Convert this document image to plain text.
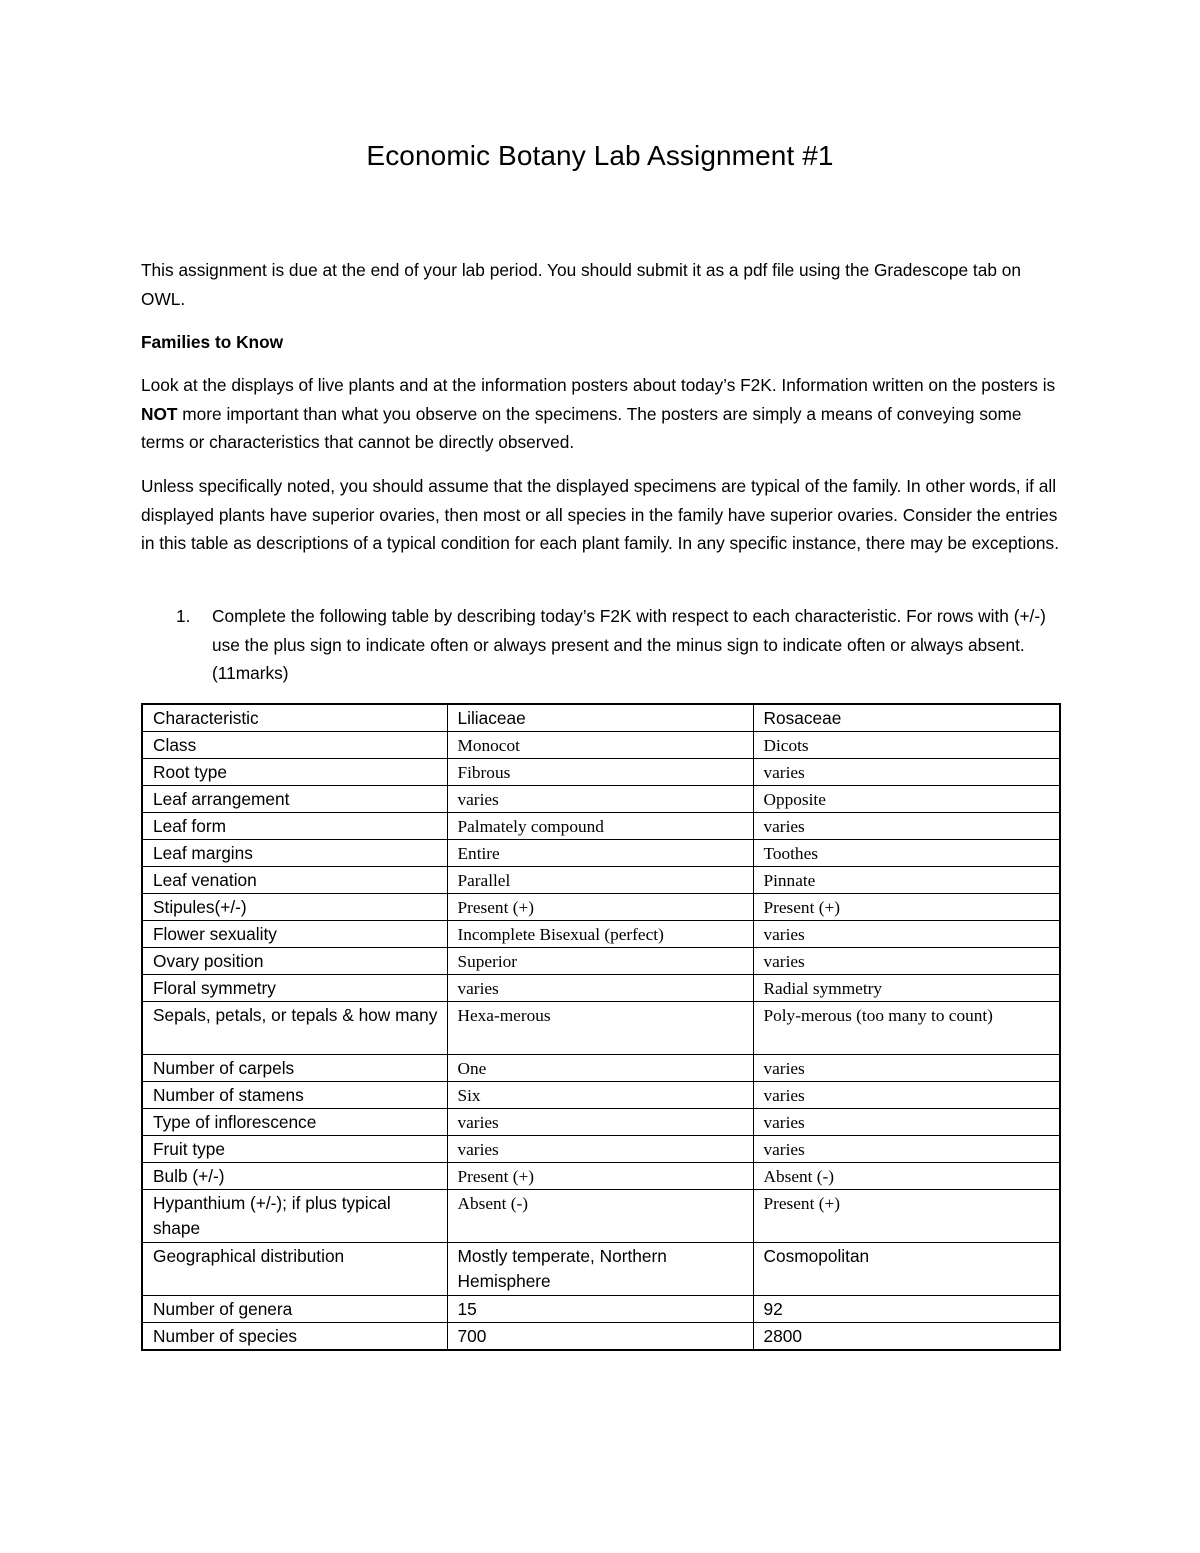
Economic Botany Lab Assignment #1
This assignment is due at the end of your lab period. You should submit it as a pdf file using the Gradescope tab on OWL.
Families to Know
Look at the displays of live plants and at the information posters about today’s F2K. Information written on the posters is NOT more important than what you observe on the specimens. The posters are simply a means of conveying some terms or characteristics that cannot be directly observed.
Unless specifically noted, you should assume that the displayed specimens are typical of the family. In other words, if all displayed plants have superior ovaries, then most or all species in the family have superior ovaries. Consider the entries in this table as descriptions of a typical condition for each plant family. In any specific instance, there may be exceptions.
1. Complete the following table by describing today’s F2K with respect to each characteristic. For rows with (+/-) use the plus sign to indicate often or always present and the minus sign to indicate often or always absent. (11marks)
Characteristic	Liliaceae	Rosaceae
Class	Monocot	Dicots
Root type	Fibrous	varies
Leaf arrangement	varies	Opposite
Leaf form	Palmately compound	varies
Leaf margins	Entire	Toothes
Leaf venation	Parallel	Pinnate
Stipules(+/-)	Present (+)	Present (+)
Flower sexuality	Incomplete Bisexual (perfect)	varies
Ovary position	Superior	varies
Floral symmetry	varies	Radial symmetry
Sepals, petals, or tepals & how many	Hexa-merous	Poly-merous (too many to count)
Number of carpels	One	varies
Number of stamens	Six	varies
Type of inflorescence	varies	varies
Fruit type	varies	varies
Bulb (+/-)	Present (+)	Absent (-)
Hypanthium (+/-); if plus typical shape	Absent (-)	Present (+)
Geographical distribution	Mostly temperate, Northern Hemisphere	Cosmopolitan
Number of genera	15	92
Number of species	700	2800
